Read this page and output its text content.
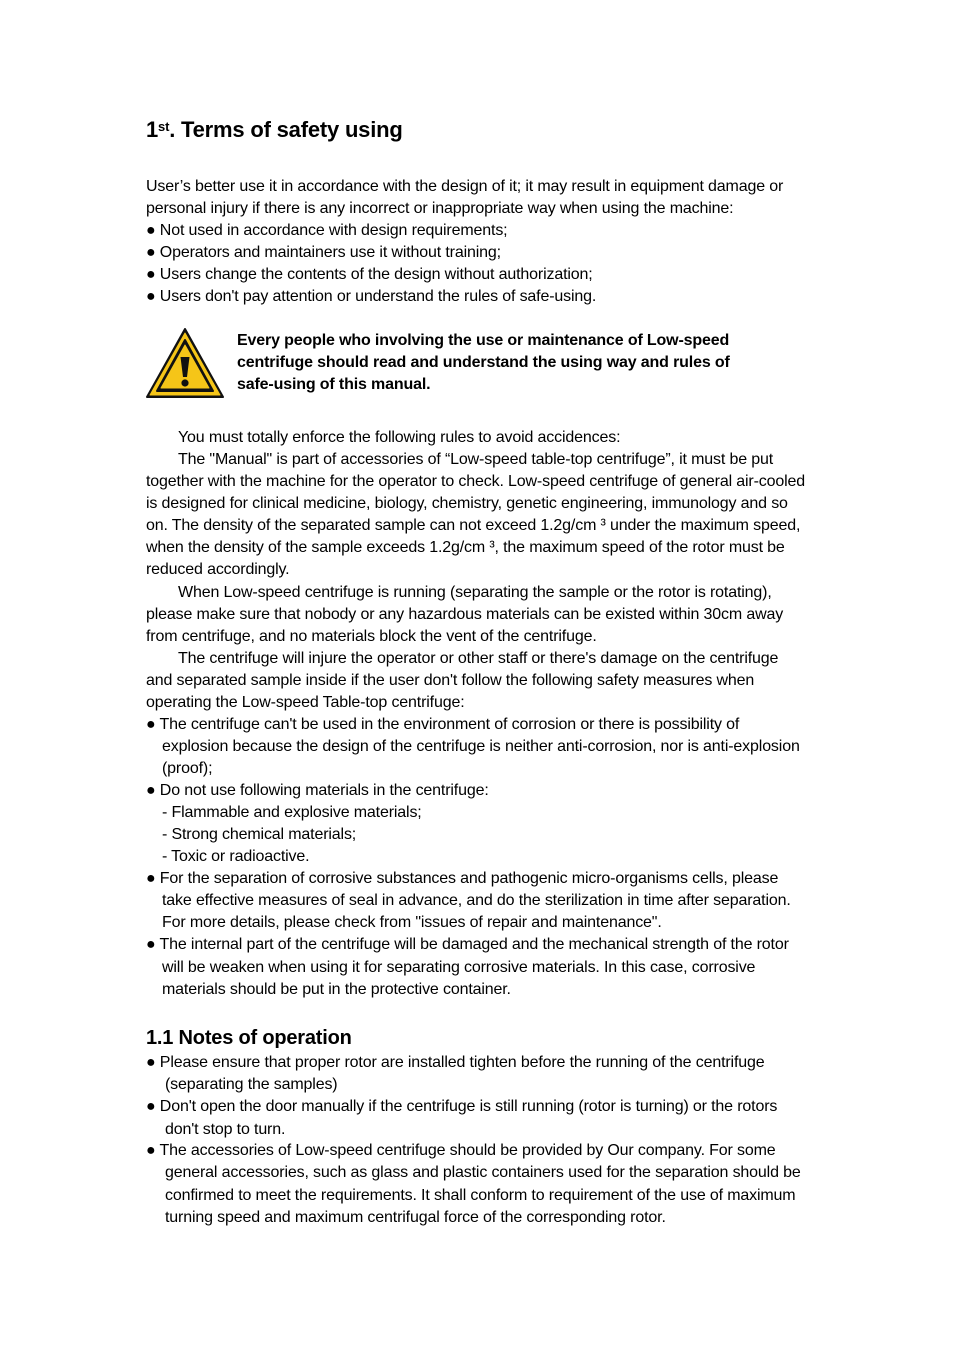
1st. Terms of safety using
User’s better use it in accordance with the design of it; it may result in equipment damage or
personal injury if there is any incorrect or inappropriate way when using the machine:
● Not used in accordance with design requirements;
● Operators and maintainers use it without training;
● Users change the contents of the design without authorization;
● Users don't pay attention or understand the rules of safe-using.
Every people who involving the use or maintenance of Low-speed
centrifuge should read and understand the using way and rules of
safe-using of this manual.
You must totally enforce the following rules to avoid accidences:
The "Manual" is part of accessories of “Low-speed table-top centrifuge”, it must be put
together with the machine for the operator to check. Low-speed centrifuge of general air-cooled
is designed for clinical medicine, biology, chemistry, genetic engineering, immunology and so
on. The density of the separated sample can not exceed 1.2g/cm ³ under the maximum speed,
when the density of the sample exceeds 1.2g/cm ³, the maximum speed of the rotor must be
reduced accordingly.
When Low-speed centrifuge is running (separating the sample or the rotor is rotating),
please make sure that nobody or any hazardous materials can be existed within 30cm away
from centrifuge, and no materials block the vent of the centrifuge.
The centrifuge will injure the operator or other staff or there's damage on the centrifuge
and separated sample inside if the user don't follow the following safety measures when
operating the Low-speed Table-top centrifuge:
● The centrifuge can't be used in the environment of corrosion or there is possibility of
explosion because the design of the centrifuge is neither anti-corrosion, nor is anti-explosion
(proof);
● Do not use following materials in the centrifuge:
- Flammable and explosive materials;
- Strong chemical materials;
- Toxic or radioactive.
● For the separation of corrosive substances and pathogenic micro-organisms cells, please
take effective measures of seal in advance, and do the sterilization in time after separation.
For more details, please check from "issues of repair and maintenance".
● The internal part of the centrifuge will be damaged and the mechanical strength of the rotor
will be weaken when using it for separating corrosive materials. In this case, corrosive
materials should be put in the protective container.
1.1 Notes of operation
● Please ensure that proper rotor are installed tighten before the running of the centrifuge
(separating the samples)
● Don't open the door manually if the centrifuge is still running (rotor is turning) or the rotors
don't stop to turn.
● The accessories of Low-speed centrifuge should be provided by Our company. For some
general accessories, such as glass and plastic containers used for the separation should be
confirmed to meet the requirements. It shall conform to requirement of the use of maximum
turning speed and maximum centrifugal force of the corresponding rotor.
